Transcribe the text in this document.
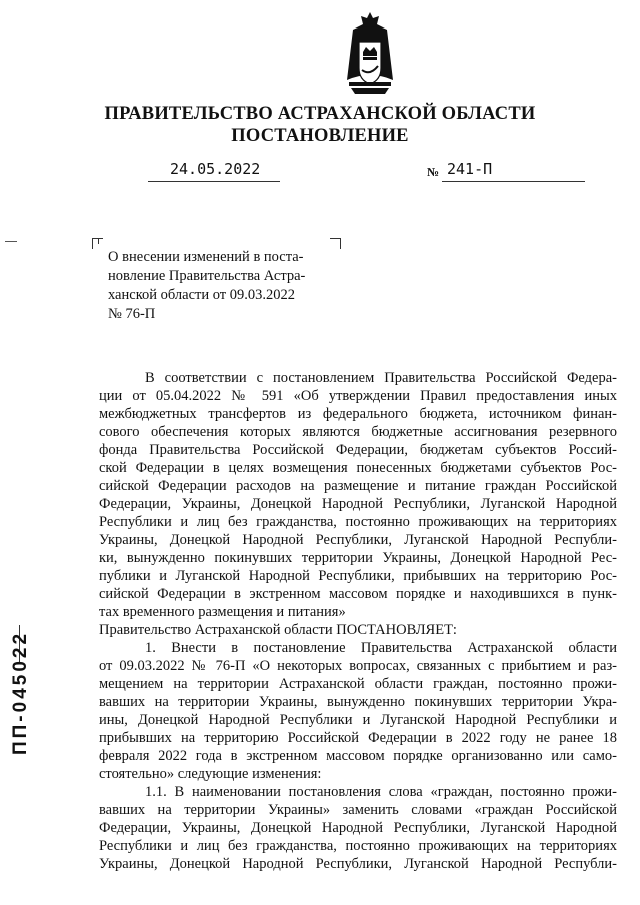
ПРАВИТЕЛЬСТВО АСТРАХАНСКОЙ ОБЛАСТИ
ПОСТАНОВЛЕНИЕ
24.05.2022	№ 241-П
О внесении изменений в поста-
новление Правительства Астра-
ханской области от 09.03.2022
№ 76-П
В соответствии с постановлением Правительства Российской Федера-
ции от 05.04.2022 № 591 «Об утверждении Правил предоставления иных
межбюджетных трансфертов из федерального бюджета, источником финан-
сового обеспечения которых являются бюджетные ассигнования резервного
фонда Правительства Российской Федерации, бюджетам субъектов Россий-
ской Федерации в целях возмещения понесенных бюджетами субъектов Рос-
сийской Федерации расходов на размещение и питание граждан Российской
Федерации, Украины, Донецкой Народной Республики, Луганской Народной
Республики и лиц без гражданства, постоянно проживающих на территориях
Украины, Донецкой Народной Республики, Луганской Народной Республи-
ки, вынужденно покинувших территории Украины, Донецкой Народной Рес-
публики и Луганской Народной Республики, прибывших на территорию Рос-
сийской Федерации в экстренном массовом порядке и находившихся в пунк-
тах временного размещения и питания»
Правительство Астраханской области ПОСТАНОВЛЯЕТ:
1. Внести в постановление Правительства Астраханской области
от 09.03.2022 № 76-П «О некоторых вопросах, связанных с прибытием и раз-
мещением на территории Астраханской области граждан, постоянно прожи-
вавших на территории Украины, вынужденно покинувших территории Укра-
ины, Донецкой Народной Республики и Луганской Народной Республики и
прибывших на территорию Российской Федерации в 2022 году не ранее 18
февраля 2022 года в экстренном массовом порядке организованно или само-
стоятельно» следующие изменения:
1.1. В наименовании постановления слова «граждан, постоянно прожи-
вавших на территории Украины» заменить словами «граждан Российской
Федерации, Украины, Донецкой Народной Республики, Луганской Народной
Республики и лиц без гражданства, постоянно проживающих на территориях
Украины, Донецкой Народной Республики, Луганской Народной Республи-
ПП-045022
